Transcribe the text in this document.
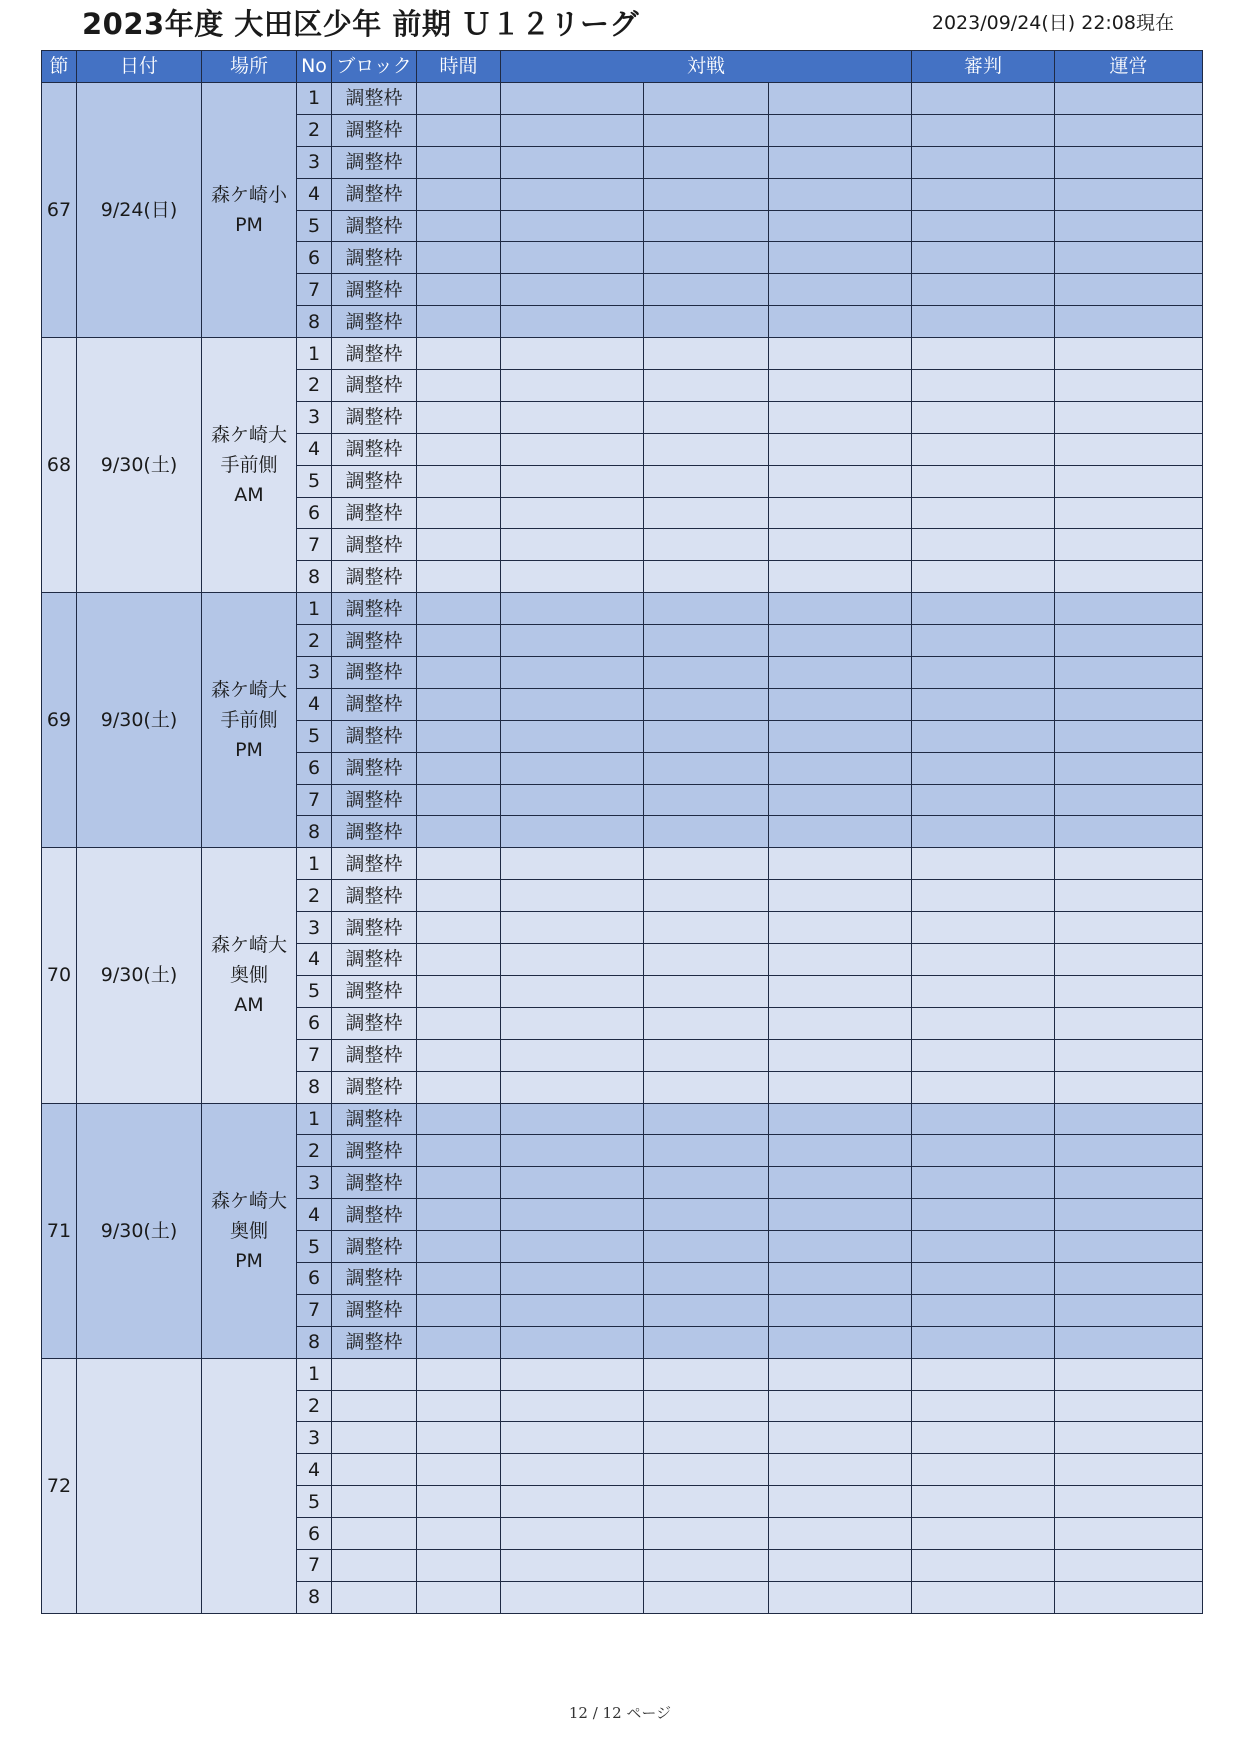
2023年度 大田区少年 前期 Ｕ１２リーグ	2023/09/24(日) 22:08現在
節	日付	場所	No	ブロック	時間	対戦			審判	運営	
67	9/24(日)	森ケ崎小
PM	1	調整枠							
			2	調整枠							
			3	調整枠							
			4	調整枠							
			5	調整枠							
			6	調整枠							
			7	調整枠							
			8	調整枠							
68	9/30(土)	森ケ崎大
手前側
AM	1	調整枠							
			2	調整枠							
			3	調整枠							
			4	調整枠							
			5	調整枠							
			6	調整枠							
			7	調整枠							
			8	調整枠							
69	9/30(土)	森ケ崎大
手前側
PM	1	調整枠							
			2	調整枠							
			3	調整枠							
			4	調整枠							
			5	調整枠							
			6	調整枠							
			7	調整枠							
			8	調整枠							
70	9/30(土)	森ケ崎大
奥側
AM	1	調整枠							
			2	調整枠							
			3	調整枠							
			4	調整枠							
			5	調整枠							
			6	調整枠							
			7	調整枠							
			8	調整枠							
71	9/30(土)	森ケ崎大
奥側
PM	1	調整枠							
			2	調整枠							
			3	調整枠							
			4	調整枠							
			5	調整枠							
			6	調整枠							
			7	調整枠							
			8	調整枠							
72			1								
			2								
			3								
			4								
			5								
			6								
			7								
			8								
12 / 12 ページ
